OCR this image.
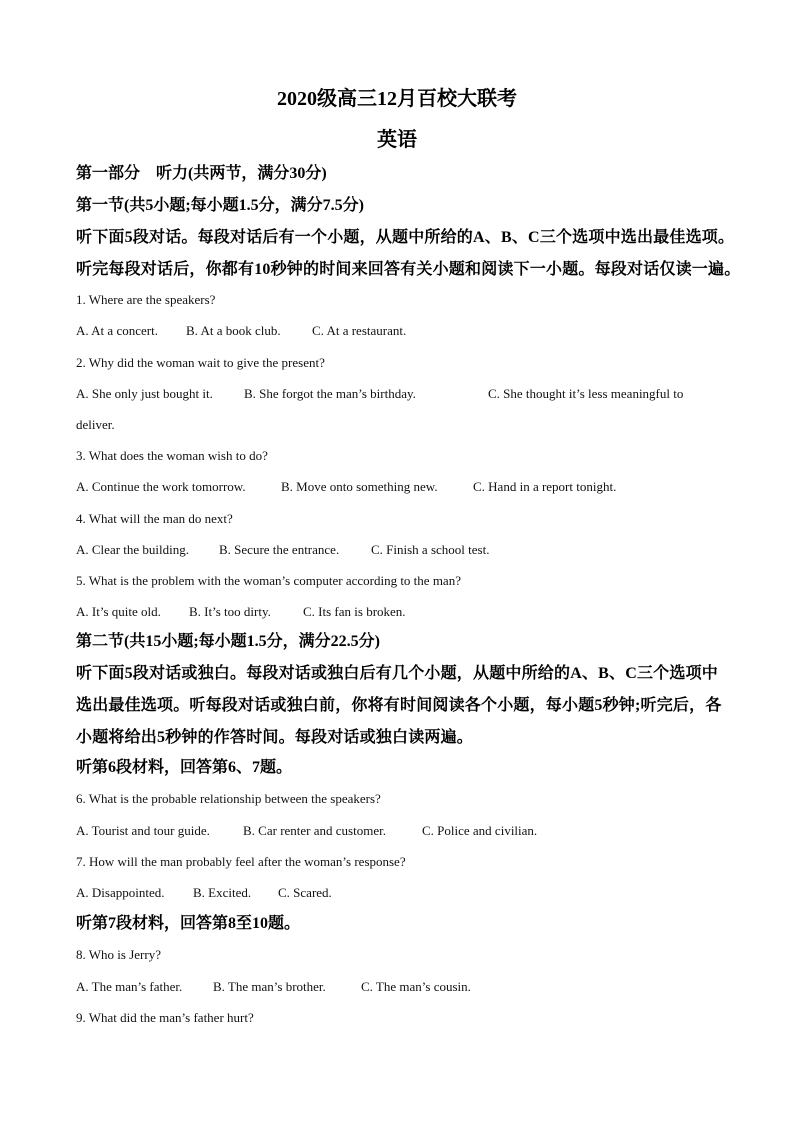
2020级高三12月百校大联考
英语
第一部分　听力(共两节，满分30分)
第一节(共5小题;每小题1.5分，满分7.5分)
听下面5段对话。每段对话后有一个小题，从题中所给的A、B、C三个选项中选出最佳选项。
听完每段对话后，你都有10秒钟的时间来回答有关小题和阅读下一小题。每段对话仅读一遍。
1. Where are the speakers?
A. At a concert. B. At a book club. C. At a restaurant.
2. Why did the woman wait to give the present?
A. She only just bought it. B. She forgot the man’s birthday.	C. She thought it’s less meaningful to
deliver.
3. What does the woman wish to do?
A. Continue the work tomorrow.	B. Move onto something new.	C. Hand in a report tonight.
4. What will the man do next?
A. Clear the building. B. Secure the entrance. C. Finish a school test.
5. What is the problem with the woman’s computer according to the man?
A. It’s quite old. B. It’s too dirty. C. Its fan is broken.
第二节(共15小题;每小题1.5分，满分22.5分)
听下面5段对话或独白。每段对话或独白后有几个小题，从题中所给的A、B、C三个选项中
选出最佳选项。听每段对话或独白前，你将有时间阅读各个小题，每小题5秒钟;听完后，各
小题将给出5秒钟的作答时间。每段对话或独白读两遍。
听第6段材料，回答第6、7题。
6. What is the probable relationship between the speakers?
A. Tourist and tour guide.	B. Car renter and customer.	C. Police and civilian.
7. How will the man probably feel after the woman’s response?
A. Disappointed. B. Excited. C. Scared.
听第7段材料，回答第8至10题。
8. Who is Jerry?
A. The man’s father. B. The man’s brother.	C. The man’s cousin.
9. What did the man’s father hurt?
